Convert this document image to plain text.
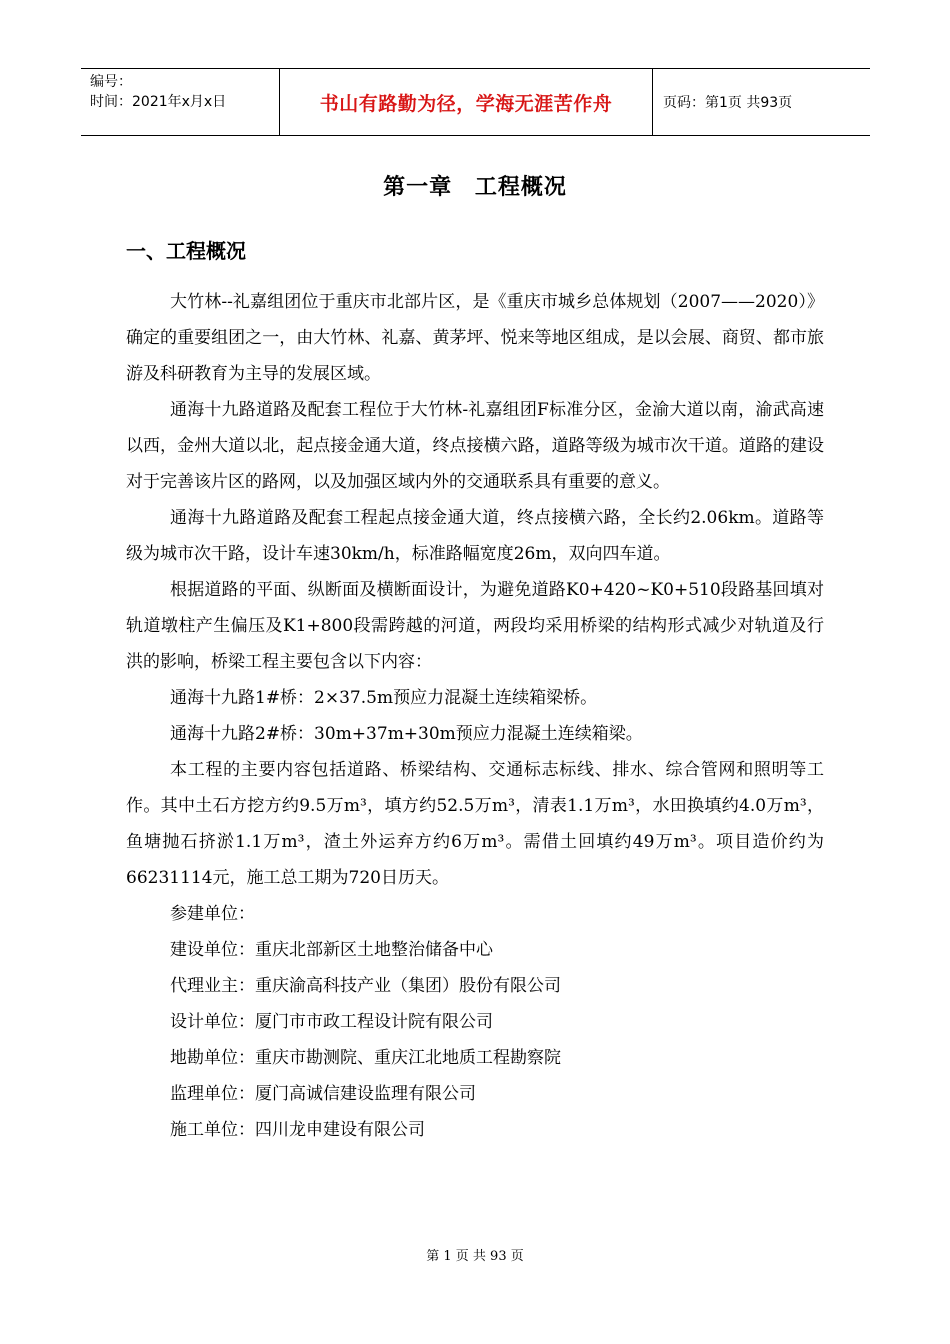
编号：
时间：2021年x月x日	书山有路勤为径，学海无涯苦作舟	页码：第1页 共93页
第一章 工程概况
一、工程概况

大竹林--礼嘉组团位于重庆市北部片区，是《重庆市城乡总体规划（2007——2020）》确定的重要组团之一，由大竹林、礼嘉、黄茅坪、悦来等地区组成，是以会展、商贸、都市旅游及科研教育为主导的发展区域。

通海十九路道路及配套工程位于大竹林-礼嘉组团F标准分区，金渝大道以南，渝武高速以西，金州大道以北，起点接金通大道，终点接横六路，道路等级为城市次干道。道路的建设对于完善该片区的路网，以及加强区域内外的交通联系具有重要的意义。

通海十九路道路及配套工程起点接金通大道，终点接横六路，全长约2.06km。道路等级为城市次干路，设计车速30km/h，标准路幅宽度26m，双向四车道。

根据道路的平面、纵断面及横断面设计，为避免道路K0+420~K0+510段路基回填对轨道墩柱产生偏压及K1+800段需跨越的河道，两段均采用桥梁的结构形式减少对轨道及行洪的影响，桥梁工程主要包含以下内容：

通海十九路1#桥：2×37.5m预应力混凝土连续箱梁桥。

通海十九路2#桥：30m+37m+30m预应力混凝土连续箱梁。

本工程的主要内容包括道路、桥梁结构、交通标志标线、排水、综合管网和照明等工作。其中土石方挖方约9.5万m³，填方约52.5万m³，清表1.1万m³，水田换填约4.0万m³，鱼塘抛石挤淤1.1万m³，渣土外运弃方约6万m³。需借土回填约49万m³。项目造价约为66231114元，施工总工期为720日历天。

参建单位：

建设单位：重庆北部新区土地整治储备中心

代理业主：重庆渝高科技产业（集团）股份有限公司

设计单位：厦门市市政工程设计院有限公司

地勘单位：重庆市勘测院、重庆江北地质工程勘察院

监理单位：厦门高诚信建设监理有限公司

施工单位：四川龙申建设有限公司

第 1 页 共 93 页
